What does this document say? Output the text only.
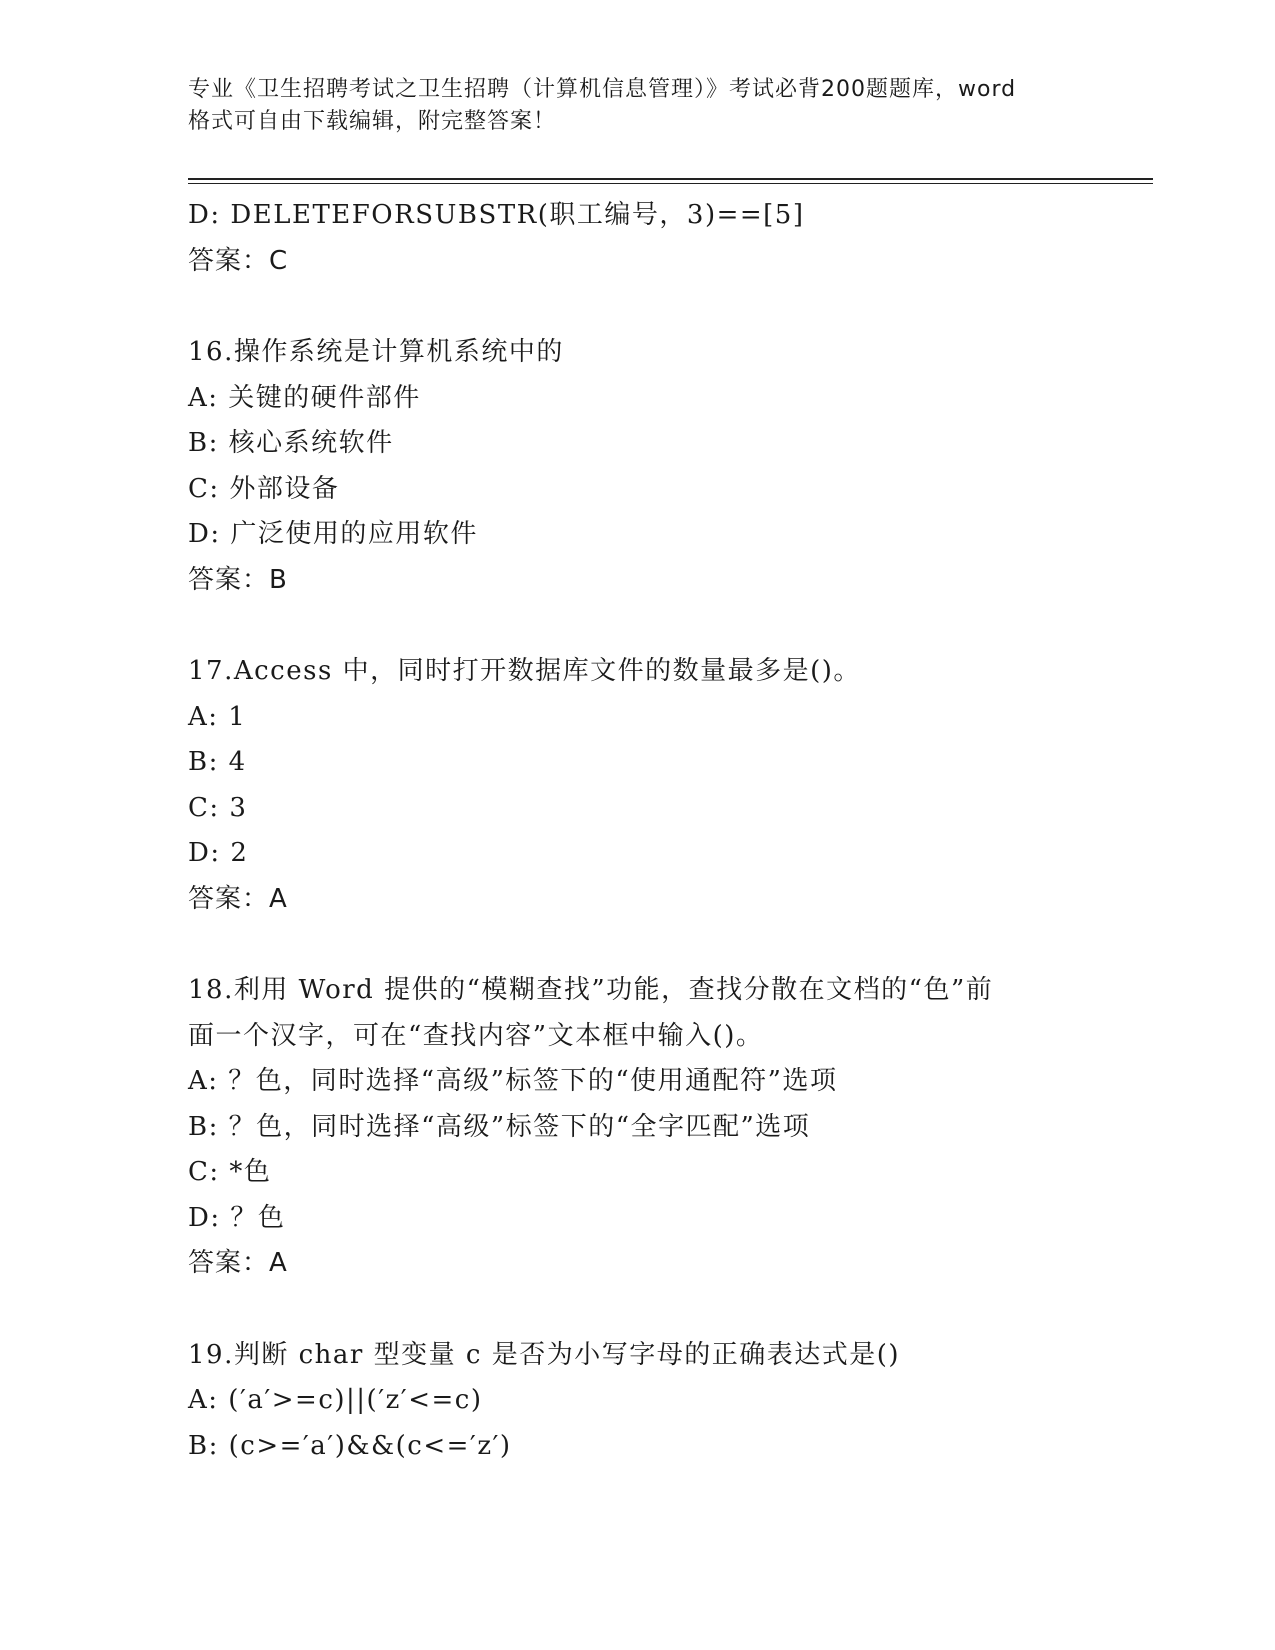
专业《卫生招聘考试之卫生招聘（计算机信息管理）》考试必背200题题库，word
格式可自由下载编辑，附完整答案！
D: DELETEFORSUBSTR(职工编号，3)==[5]
答案：C
16.操作系统是计算机系统中的
A: 关键的硬件部件
B: 核心系统软件
C: 外部设备
D: 广泛使用的应用软件
答案：B
17.Access 中，同时打开数据库文件的数量最多是()。
A: 1
B: 4
C: 3
D: 2
答案：A
18.利用 Word 提供的“模糊查找”功能，查找分散在文档的“色”前
面一个汉字，可在“查找内容”文本框中输入()。
A: ？色，同时选择“高级”标签下的“使用通配符”选项
B: ？色，同时选择“高级”标签下的“全字匹配”选项
C: *色
D: ？色
答案：A
19.判断 char 型变量 c 是否为小写字母的正确表达式是()
A: (′a′>=c)||(′z′<=c)
B: (c>=′a′)&&(c<=′z′)
